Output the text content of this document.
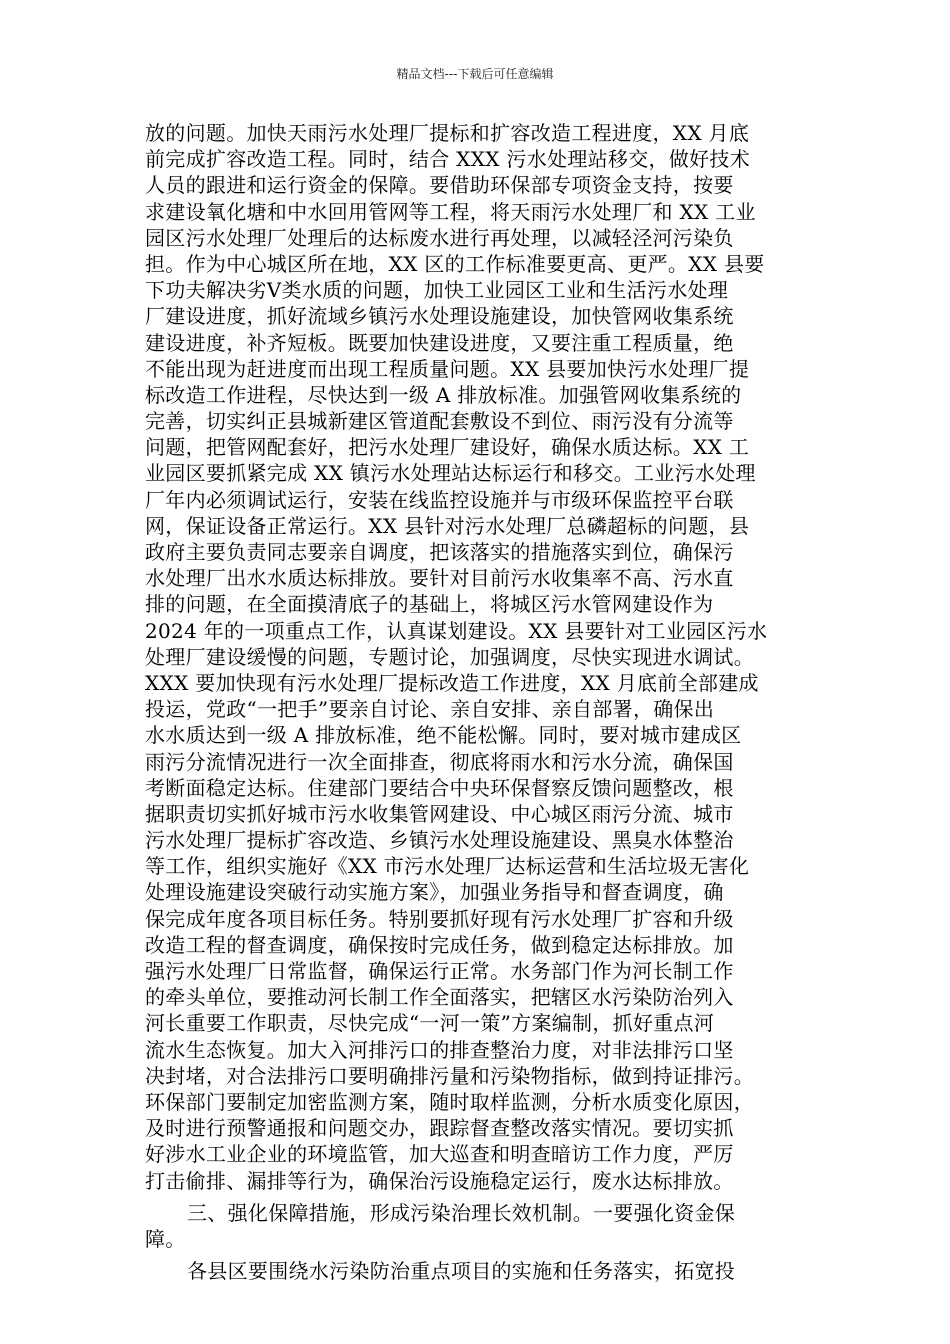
精品文档---下载后可任意编辑
放的问题。加快天雨污水处理厂提标和扩容改造工程进度，XX 月底
前完成扩容改造工程。同时，结合 XXX 污水处理站移交，做好技术
人员的跟进和运行资金的保障。要借助环保部专项资金支持，按要
求建设氧化塘和中水回用管网等工程，将天雨污水处理厂和 XX 工业
园区污水处理厂处理后的达标废水进行再处理，以减轻泾河污染负
担。作为中心城区所在地，XX 区的工作标准要更高、更严。XX 县要
下功夫解决劣Ⅴ类水质的问题，加快工业园区工业和生活污水处理
厂建设进度，抓好流域乡镇污水处理设施建设，加快管网收集系统
建设进度，补齐短板。既要加快建设进度，又要注重工程质量，绝
不能出现为赶进度而出现工程质量问题。XX 县要加快污水处理厂提
标改造工作进程，尽快达到一级 A 排放标准。加强管网收集系统的
完善，切实纠正县城新建区管道配套敷设不到位、雨污没有分流等
问题，把管网配套好，把污水处理厂建设好，确保水质达标。XX 工
业园区要抓紧完成 XX 镇污水处理站达标运行和移交。工业污水处理
厂年内必须调试运行，安装在线监控设施并与市级环保监控平台联
网，保证设备正常运行。XX 县针对污水处理厂总磷超标的问题，县
政府主要负责同志要亲自调度，把该落实的措施落实到位，确保污
水处理厂出水水质达标排放。要针对目前污水收集率不高、污水直
排的问题，在全面摸清底子的基础上，将城区污水管网建设作为
2024 年的一项重点工作，认真谋划建设。XX 县要针对工业园区污水
处理厂建设缓慢的问题，专题讨论，加强调度，尽快实现进水调试。
XXX 要加快现有污水处理厂提标改造工作进度，XX 月底前全部建成
投运，党政“一把手”要亲自讨论、亲自安排、亲自部署，确保出
水水质达到一级 A 排放标准，绝不能松懈。同时，要对城市建成区
雨污分流情况进行一次全面排查，彻底将雨水和污水分流，确保国
考断面稳定达标。住建部门要结合中央环保督察反馈问题整改，根
据职责切实抓好城市污水收集管网建设、中心城区雨污分流、城市
污水处理厂提标扩容改造、乡镇污水处理设施建设、黑臭水体整治
等工作，组织实施好《XX 市污水处理厂达标运营和生活垃圾无害化
处理设施建设突破行动实施方案》，加强业务指导和督查调度，确
保完成年度各项目标任务。特别要抓好现有污水处理厂扩容和升级
改造工程的督查调度，确保按时完成任务，做到稳定达标排放。加
强污水处理厂日常监督，确保运行正常。水务部门作为河长制工作
的牵头单位，要推动河长制工作全面落实，把辖区水污染防治列入
河长重要工作职责，尽快完成“一河一策”方案编制，抓好重点河
流水生态恢复。加大入河排污口的排查整治力度，对非法排污口坚
决封堵，对合法排污口要明确排污量和污染物指标，做到持证排污。
环保部门要制定加密监测方案，随时取样监测，分析水质变化原因，
及时进行预警通报和问题交办，跟踪督查整改落实情况。要切实抓
好涉水工业企业的环境监管，加大巡查和明查暗访工作力度，严厉
打击偷排、漏排等行为，确保治污设施稳定运行，废水达标排放。
三、强化保障措施，形成污染治理长效机制。一要强化资金保
障。
各县区要围绕水污染防治重点项目的实施和任务落实，拓宽投
